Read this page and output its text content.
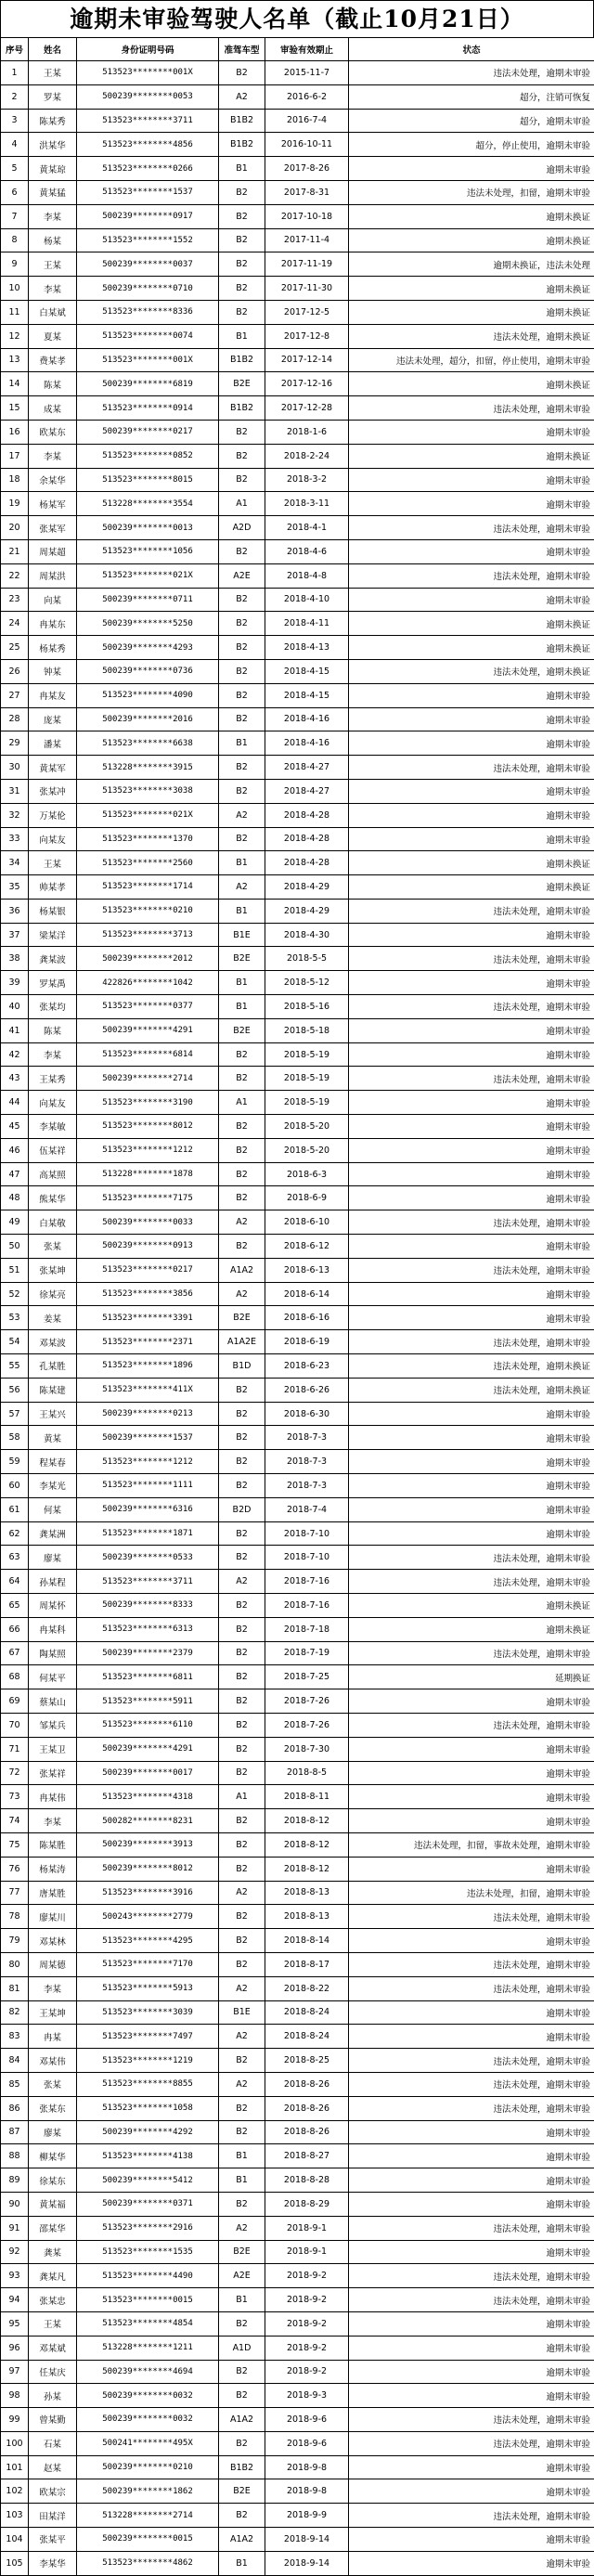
逾期未审验驾驶人名单（截止10月21日）
序号	姓名	身份证明号码	准驾车型	审验有效期止	状态
1	王某	513523********001X	B2	2015-11-7	违法未处理，逾期未审验
2	罗某	500239********0053	A2	2016-6-2	超分，注销可恢复
3	陈某秀	513523********3711	B1B2	2016-7-4	超分，逾期未审验
4	洪某华	513523********4856	B1B2	2016-10-11	超分，停止使用，逾期未审验
5	黄某琼	513523********0266	B1	2017-8-26	逾期未审验
6	黄某猛	513523********1537	B2	2017-8-31	违法未处理，扣留，逾期未审验
7	李某	500239********0917	B2	2017-10-18	逾期未换证
8	杨某	513523********1552	B2	2017-11-4	逾期未换证
9	王某	500239********0037	B2	2017-11-19	逾期未换证，违法未处理
10	李某	500239********0710	B2	2017-11-30	逾期未换证
11	白某斌	513523********8336	B2	2017-12-5	逾期未换证
12	夏某	513523********0074	B1	2017-12-8	违法未处理，逾期未换证
13	费某孝	513523********001X	B1B2	2017-12-14	违法未处理，超分，扣留，停止使用，逾期未审验
14	陈某	500239********6819	B2E	2017-12-16	逾期未换证
15	成某	513523********0914	B1B2	2017-12-28	违法未处理，逾期未审验
16	欧某东	500239********0217	B2	2018-1-6	逾期未审验
17	李某	513523********0852	B2	2018-2-24	逾期未换证
18	余某华	513523********8015	B2	2018-3-2	逾期未审验
19	杨某军	513228********3554	A1	2018-3-11	逾期未审验
20	张某军	500239********0013	A2D	2018-4-1	违法未处理，逾期未审验
21	周某超	513523********1056	B2	2018-4-6	逾期未审验
22	周某洪	513523********021X	A2E	2018-4-8	违法未处理，逾期未审验
23	向某	500239********0711	B2	2018-4-10	逾期未审验
24	冉某东	500239********5250	B2	2018-4-11	逾期未换证
25	杨某秀	500239********4293	B2	2018-4-13	逾期未换证
26	钟某	500239********0736	B2	2018-4-15	违法未处理，逾期未换证
27	冉某友	513523********4090	B2	2018-4-15	逾期未审验
28	庞某	500239********2016	B2	2018-4-16	逾期未审验
29	潘某	513523********6638	B1	2018-4-16	逾期未审验
30	黄某军	513228********3915	B2	2018-4-27	违法未处理，逾期未审验
31	张某冲	513523********3038	B2	2018-4-27	逾期未审验
32	万某伦	513523********021X	A2	2018-4-28	逾期未审验
33	向某友	513523********1370	B2	2018-4-28	逾期未审验
34	王某	513523********2560	B1	2018-4-28	逾期未换证
35	帅某孝	513523********1714	A2	2018-4-29	逾期未换证
36	杨某银	513523********0210	B1	2018-4-29	违法未处理，逾期未审验
37	梁某洋	513523********3713	B1E	2018-4-30	逾期未审验
38	龚某波	500239********2012	B2E	2018-5-5	违法未处理，逾期未审验
39	罗某禹	422826********1042	B1	2018-5-12	逾期未审验
40	张某均	513523********0377	B1	2018-5-16	违法未处理，逾期未审验
41	陈某	500239********4291	B2E	2018-5-18	逾期未审验
42	李某	513523********6814	B2	2018-5-19	逾期未审验
43	王某秀	500239********2714	B2	2018-5-19	违法未处理，逾期未审验
44	向某友	513523********3190	A1	2018-5-19	逾期未审验
45	李某敏	513523********8012	B2	2018-5-20	逾期未审验
46	伍某祥	513523********1212	B2	2018-5-20	逾期未审验
47	高某照	513228********1878	B2	2018-6-3	逾期未审验
48	熊某华	513523********7175	B2	2018-6-9	逾期未审验
49	白某敬	500239********0033	A2	2018-6-10	违法未处理，逾期未审验
50	张某	500239********0913	B2	2018-6-12	逾期未审验
51	张某坤	513523********0217	A1A2	2018-6-13	违法未处理，逾期未审验
52	徐某亮	513523********3856	A2	2018-6-14	逾期未审验
53	姜某	513523********3391	B2E	2018-6-16	逾期未审验
54	邓某波	513523********2371	A1A2E	2018-6-19	违法未处理，逾期未审验
55	孔某胜	513523********1896	B1D	2018-6-23	违法未处理，逾期未换证
56	陈某建	513523********411X	B2	2018-6-26	违法未处理，逾期未换证
57	王某兴	500239********0213	B2	2018-6-30	逾期未审验
58	黄某	500239********1537	B2	2018-7-3	逾期未审验
59	程某春	513523********1212	B2	2018-7-3	逾期未审验
60	李某光	513523********1111	B2	2018-7-3	逾期未审验
61	何某	500239********6316	B2D	2018-7-4	逾期未审验
62	龚某洲	513523********1871	B2	2018-7-10	逾期未审验
63	廖某	500239********0533	B2	2018-7-10	违法未处理，逾期未审验
64	孙某程	513523********3711	A2	2018-7-16	违法未处理，逾期未审验
65	周某怀	500239********8333	B2	2018-7-16	逾期未换证
66	冉某科	513523********6313	B2	2018-7-18	逾期未换证
67	陶某照	500239********2379	B2	2018-7-19	违法未处理，逾期未审验
68	何某平	513523********6811	B2	2018-7-25	延期换证
69	蔡某山	513523********5911	B2	2018-7-26	逾期未审验
70	邹某兵	513523********6110	B2	2018-7-26	违法未处理，逾期未审验
71	王某卫	500239********4291	B2	2018-7-30	逾期未审验
72	张某祥	500239********0017	B2	2018-8-5	逾期未审验
73	冉某伟	513523********4318	A1	2018-8-11	逾期未审验
74	李某	500282********8231	B2	2018-8-12	逾期未审验
75	陈某胜	500239********3913	B2	2018-8-12	违法未处理，扣留，事故未处理，逾期未审验
76	杨某涛	500239********8012	B2	2018-8-12	逾期未审验
77	唐某胜	513523********3916	A2	2018-8-13	违法未处理，扣留，逾期未审验
78	廖某川	500243********2779	B2	2018-8-13	违法未处理，逾期未审验
79	邓某林	513523********4295	B2	2018-8-14	逾期未审验
80	周某德	513523********7170	B2	2018-8-17	违法未处理，逾期未审验
81	李某	513523********5913	A2	2018-8-22	违法未处理，逾期未审验
82	王某坤	513523********3039	B1E	2018-8-24	逾期未审验
83	冉某	513523********7497	A2	2018-8-24	逾期未审验
84	邓某伟	513523********1219	B2	2018-8-25	违法未处理，逾期未审验
85	张某	513523********8855	A2	2018-8-26	违法未处理，逾期未审验
86	张某东	513523********1058	B2	2018-8-26	违法未处理，逾期未审验
87	廖某	500239********4292	B2	2018-8-26	逾期未审验
88	柳某华	513523********4138	B1	2018-8-27	逾期未审验
89	徐某东	500239********5412	B1	2018-8-28	逾期未审验
90	黄某福	500239********0371	B2	2018-8-29	逾期未审验
91	邵某华	513523********2916	A2	2018-9-1	违法未处理，逾期未审验
92	龚某	513523********1535	B2E	2018-9-1	逾期未审验
93	龚某凡	513523********4490	A2E	2018-9-2	违法未处理，逾期未审验
94	张某忠	513523********0015	B1	2018-9-2	违法未处理，逾期未审验
95	王某	513523********4854	B2	2018-9-2	逾期未审验
96	邓某斌	513228********1211	A1D	2018-9-2	逾期未审验
97	任某庆	500239********4694	B2	2018-9-2	逾期未审验
98	孙某	500239********0032	B2	2018-9-3	逾期未审验
99	曾某勤	500239********0032	A1A2	2018-9-6	违法未处理，逾期未审验
100	石某	500241********495X	B2	2018-9-6	违法未处理，逾期未审验
101	赵某	500239********0210	B1B2	2018-9-8	逾期未审验
102	欧某宗	500239********1862	B2E	2018-9-8	逾期未审验
103	田某洋	513228********2714	B2	2018-9-9	违法未处理，逾期未审验
104	张某平	500239********0015	A1A2	2018-9-14	逾期未审验
105	李某华	513523********4862	B1	2018-9-14	逾期未审验
